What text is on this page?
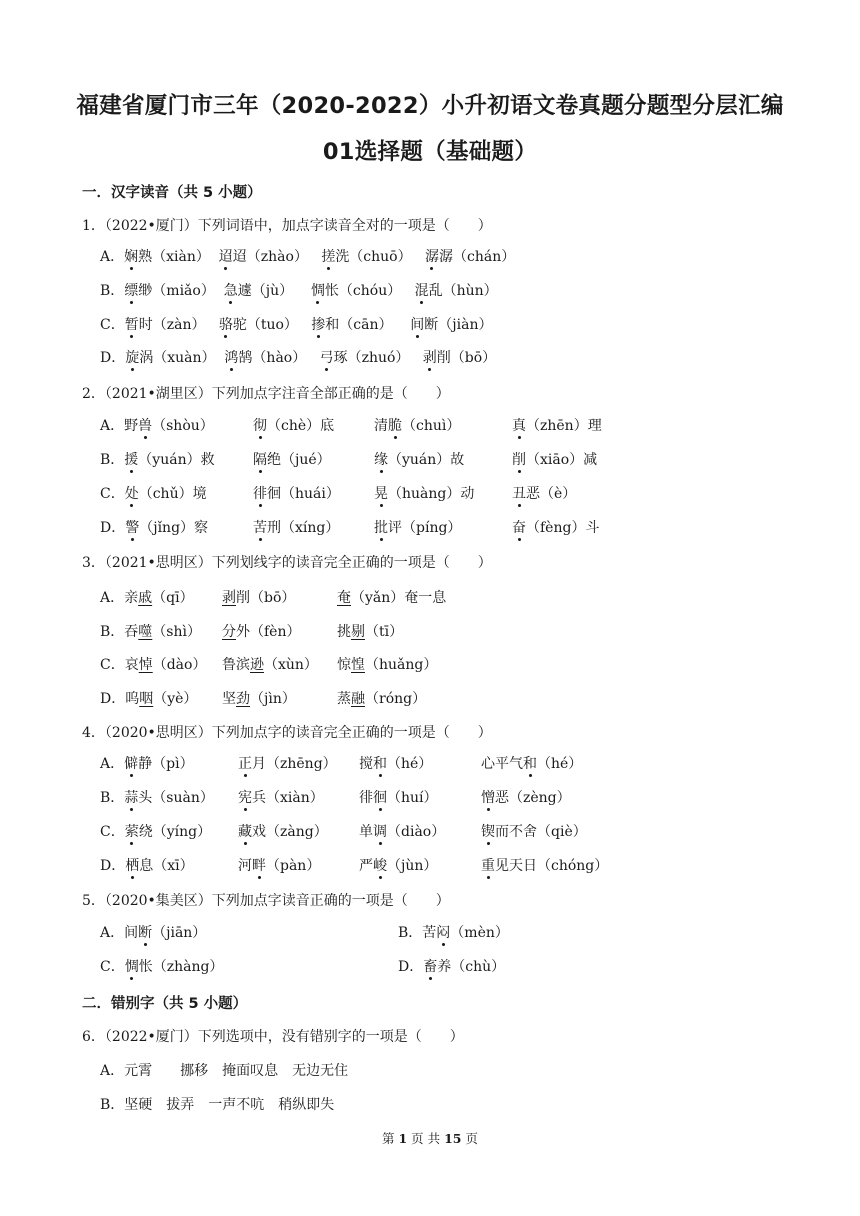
福建省厦门市三年（2020-2022）小升初语文卷真题分题型分层汇编
01选择题（基础题）
一．汉字读音（共 5 小题）
1．（2022•厦门）下列词语中，加点字读音全对的一项是（　　）
A．娴熟（xiàn） 迢迢（zhào） 搓洗（chuō） 潺潺（chán）
B．缥缈（miǎo） 急遽（jù） 惆怅（chóu） 混乱（hùn）
C．暂时（zàn） 骆驼（tuo） 掺和（cān） 间断（jiàn）
D．旋涡（xuàn） 鸿鹄（hào） 弓琢（zhuó） 剥削（bō）
2．（2021•湖里区）下列加点字注音全部正确的是（　　）
A．野兽（shòu）	彻（chè）底	清脆（chuì）	真（zhēn）理
B．援（yuán）救	隔绝（jué）	缘（yuán）故	削（xiāo）减
C．处（chǔ）境	徘徊（huái） 晃（huàng）动	丑恶（è）
D．警（jǐng）察	苦刑（xíng） 批评（píng）	奋（fèng）斗
3．（2021•思明区）下列划线字的读音完全正确的一项是（　　）
A．亲戚（qī） 剥削（bō）	奄（yǎn）奄一息
B．吞噬（shì） 分外（fèn）	挑剔（tī）
C．哀悼（dào） 鲁滨逊（xùn） 惊惶（huǎng）
D．呜咽（yè） 坚劲（jìn）	蒸融（róng）
4．（2020•思明区）下列加点字的读音完全正确的一项是（　　）
A．僻静（pì）	正月（zhēng） 搅和（hé）	心平气和（hé）
B．蒜头（suàn） 宪兵（xiàn）	徘徊（huí）	憎恶（zèng）
C．萦绕（yíng） 藏戏（zàng） 单调（diào）	锲而不舍（qiè）
D．栖息（xī）	河畔（pàn）	严峻（jùn）	重见天日（chóng）
5．（2020•集美区）下列加点字读音正确的一项是（　　）
A．间断（jiān）	B．苦闷（mèn）
C．惆怅（zhàng）	D．畜养（chù）
二．错别字（共 5 小题）
6．（2022•厦门）下列选项中，没有错别字的一项是（　　）
A．元霄　　挪移　掩面叹息　无边无住
B．坚硬　拔弄　一声不吭　稍纵即失
第 1 页 共 15 页
